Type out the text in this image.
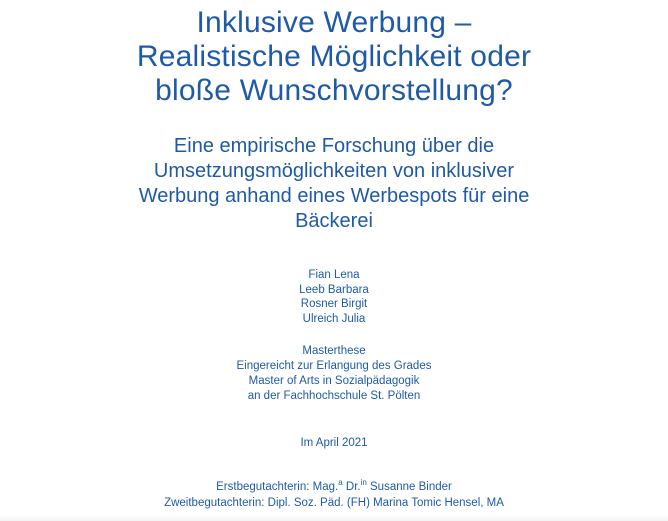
Inklusive Werbung –
Realistische Möglichkeit oder
bloße Wunschvorstellung?
Eine empirische Forschung über die
Umsetzungsmöglichkeiten von inklusiver
Werbung anhand eines Werbespots für eine
Bäckerei
Fian Lena
Leeb Barbara
Rosner Birgit
Ulreich Julia
Masterthese
Eingereicht zur Erlangung des Grades
Master of Arts in Sozialpädagogik
an der Fachhochschule St. Pölten
Im April 2021
Erstbegutachterin: Mag.$^a$ Dr.$^{in}$ Susanne Binder
Zweitbegutachterin: Dipl. Soz. Päd. (FH) Marina Tomic Hensel, MA
